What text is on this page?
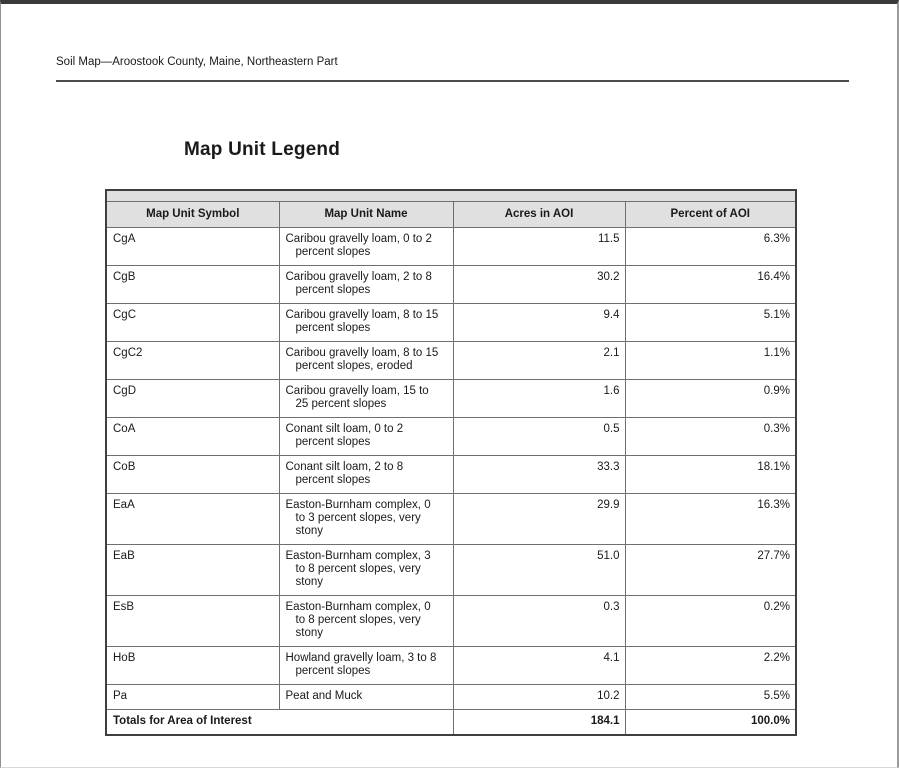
Soil Map—Aroostook County, Maine, Northeastern Part
Map Unit Legend

Map Unit Symbol	Map Unit Name	Acres in AOI	Percent of AOI
CgA	Caribou gravelly loam, 0 to 2 percent slopes	11.5	6.3%
CgB	Caribou gravelly loam, 2 to 8 percent slopes	30.2	16.4%
CgC	Caribou gravelly loam, 8 to 15 percent slopes	9.4	5.1%
CgC2	Caribou gravelly loam, 8 to 15 percent slopes, eroded	2.1	1.1%
CgD	Caribou gravelly loam, 15 to 25 percent slopes	1.6	0.9%
CoA	Conant silt loam, 0 to 2 percent slopes	0.5	0.3%
CoB	Conant silt loam, 2 to 8 percent slopes	33.3	18.1%
EaA	Easton-Burnham complex, 0 to 3 percent slopes, very stony	29.9	16.3%
EaB	Easton-Burnham complex, 3 to 8 percent slopes, very stony	51.0	27.7%
EsB	Easton-Burnham complex, 0 to 8 percent slopes, very stony	0.3	0.2%
HoB	Howland gravelly loam, 3 to 8 percent slopes	4.1	2.2%
Pa	Peat and Muck	10.2	5.5%
Totals for Area of Interest		184.1	100.0%
